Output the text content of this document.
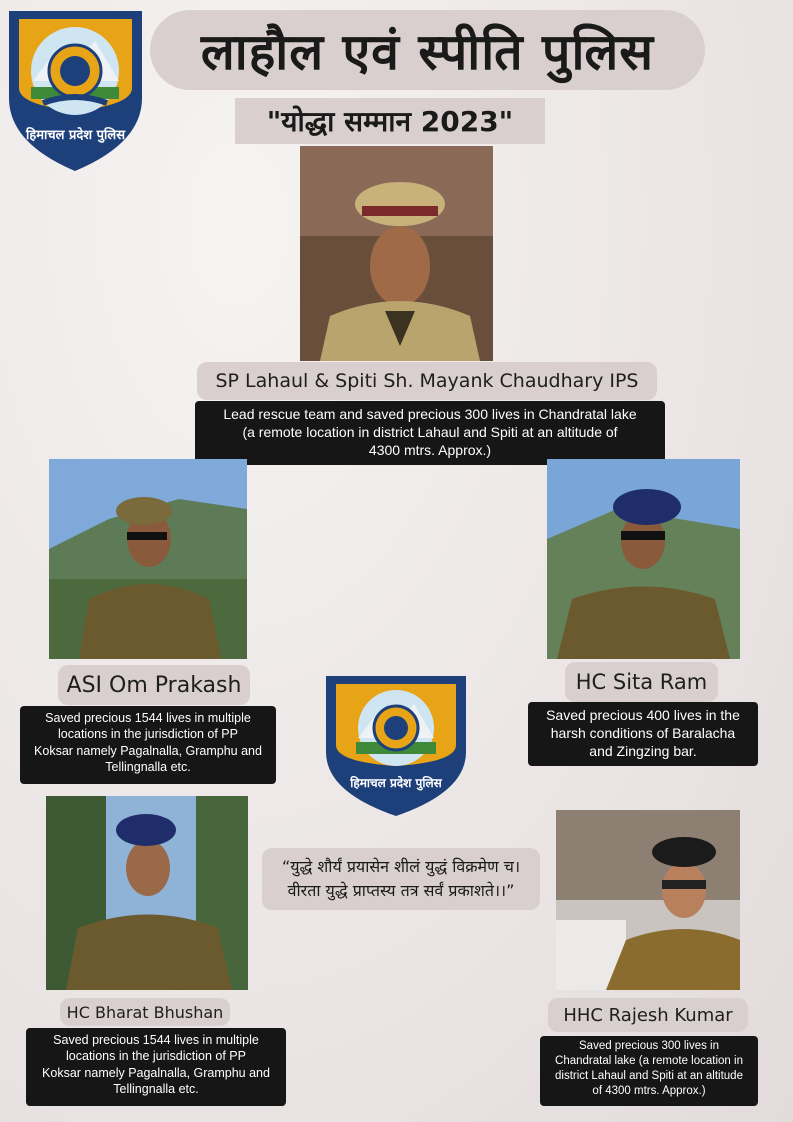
हिमाचल प्रदेश पुलिस
लाहौल एवं स्पीति पुलिस
"योद्धा सम्मान 2023"
SP Lahaul & Spiti Sh. Mayank Chaudhary IPS
Lead rescue team and saved precious 300 lives in Chandratal lake
(a remote location in district Lahaul and Spiti at an altitude of
4300 mtrs. Approx.)
ASI Om Prakash
Saved precious 1544 lives in multiple
locations in the jurisdiction of PP
Koksar namely Pagalnalla, Gramphu and
Tellingnalla etc.
HC Sita Ram
Saved precious 400 lives in the
harsh conditions of Baralacha
and Zingzing bar.
हिमाचल प्रदेश पुलिस
“युद्धे शौर्यं प्रयासेन शीलं युद्धं विक्रमेण च।
वीरता युद्धे प्राप्तस्य तत्र सर्वं प्रकाशते।।”
HC Bharat Bhushan
Saved precious 1544 lives in multiple
locations in the jurisdiction of PP
Koksar namely Pagalnalla, Gramphu and
Tellingnalla etc.
HHC Rajesh Kumar
Saved precious 300 lives in
Chandratal lake (a remote location in
district Lahaul and Spiti at an altitude
of 4300 mtrs. Approx.)
